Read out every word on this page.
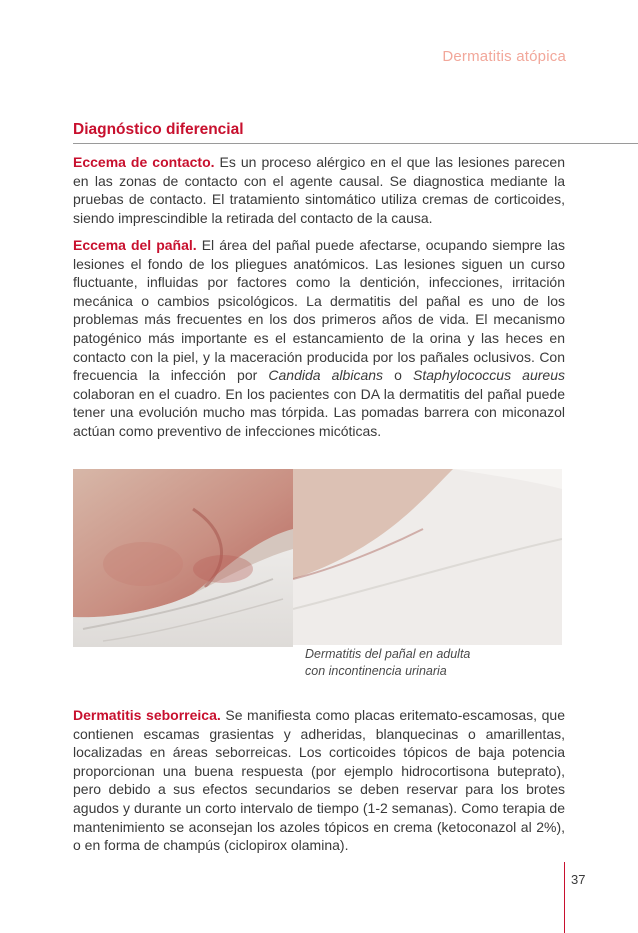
Dermatitis atópica
Diagnóstico diferencial
Eccema de contacto. Es un proceso alérgico en el que las lesiones parecen en las zonas de contacto con el agente causal. Se diagnostica mediante la pruebas de contacto. El tratamiento sintomático utiliza cremas de corticoides, siendo imprescindible la retirada del contacto de la causa.
Eccema del pañal. El área del pañal puede afectarse, ocupando siempre las lesiones el fondo de los pliegues anatómicos. Las lesiones siguen un curso fluctuante, influidas por factores como la dentición, infecciones, irritación mecánica o cambios psicológicos. La dermatitis del pañal es uno de los problemas más frecuentes en los dos primeros años de vida. El mecanismo patogénico más importante es el estancamiento de la orina y las heces en contacto con la piel, y la maceración producida por los pañales oclusivos. Con frecuencia la infección por Candida albicans o Staphylococcus aureus colaboran en el cuadro. En los pacientes con DA la dermatitis del pañal puede tener una evolución mucho mas tórpida. Las pomadas barrera con miconazol actúan como preventivo de infecciones micóticas.
Dermatitis del pañal en adulta
con incontinencia urinaria
Dermatitis seborreica. Se manifiesta como placas eritemato-escamosas, que contienen escamas grasientas y adheridas, blanquecinas o amarillentas, localizadas en áreas seborreicas. Los corticoides tópicos de baja potencia proporcionan una buena respuesta (por ejemplo hidrocortisona buteprato), pero debido a sus efectos secundarios se deben reservar para los brotes agudos y durante un corto intervalo de tiempo (1-2 semanas). Como terapia de mantenimiento se aconsejan los azoles tópicos en crema (ketoconazol al 2%), o en forma de champús (ciclopirox olamina).
37
